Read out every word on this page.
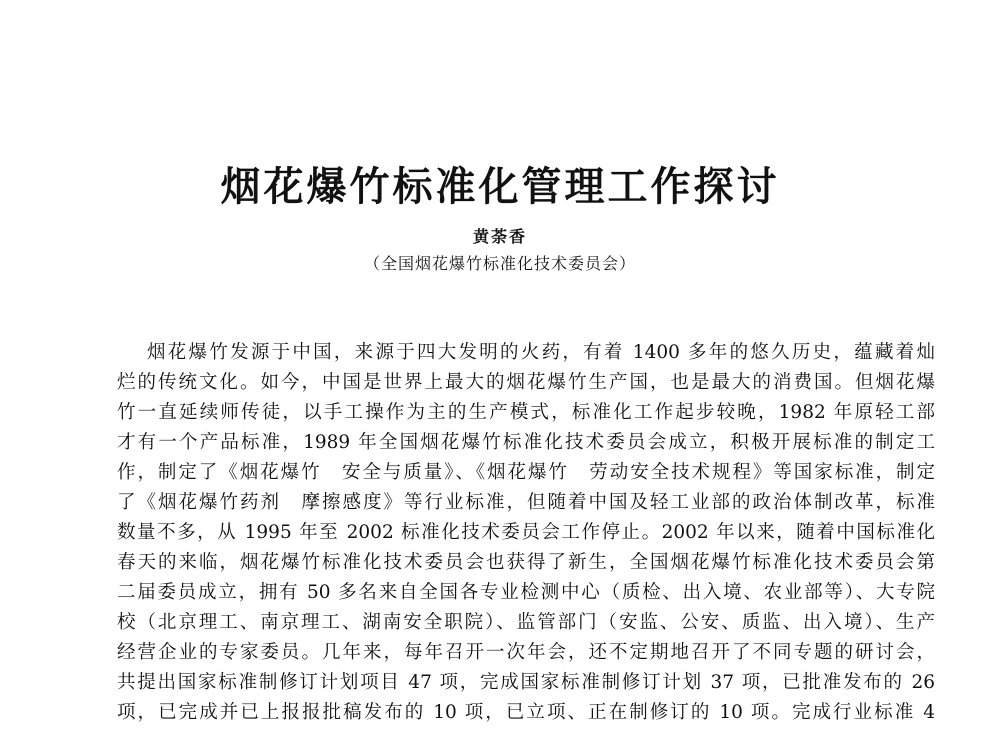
烟花爆竹标准化管理工作探讨
黄荼香
（全国烟花爆竹标准化技术委员会）
烟花爆竹发源于中国，来源于四大发明的火药，有着 1400 多年的悠久历史，蕴藏着灿
烂的传统文化。如今，中国是世界上最大的烟花爆竹生产国，也是最大的消费国。但烟花爆
竹一直延续师传徒，以手工操作为主的生产模式，标准化工作起步较晚，1982 年原轻工部
才有一个产品标准，1989 年全国烟花爆竹标准化技术委员会成立，积极开展标准的制定工
作，制定了《烟花爆竹　安全与质量》、《烟花爆竹　劳动安全技术规程》等国家标准，制定
了《烟花爆竹药剂　摩擦感度》等行业标准，但随着中国及轻工业部的政治体制改革，标准
数量不多，从 1995 年至 2002 标准化技术委员会工作停止。2002 年以来，随着中国标准化
春天的来临，烟花爆竹标准化技术委员会也获得了新生，全国烟花爆竹标准化技术委员会第
二届委员成立，拥有 50 多名来自全国各专业检测中心（质检、出入境、农业部等）、大专院
校（北京理工、南京理工、湖南安全职院）、监管部门（安监、公安、质监、出入境）、生产
经营企业的专家委员。几年来，每年召开一次年会，还不定期地召开了不同专题的研讨会，
共提出国家标准制修订计划项目 47 项，完成国家标准制修订计划 37 项，已批准发布的 26
项，已完成并已上报报批稿发布的 10 项，已立项、正在制修订的 10 项。完成行业标准 4
